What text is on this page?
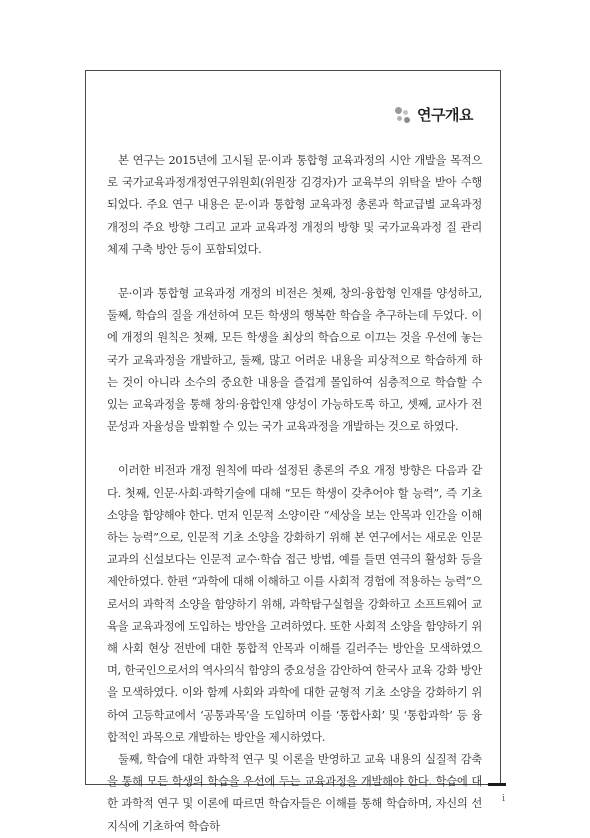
연구개요

본 연구는 2015년에 고시될 문·이과 통합형 교육과정의 시안 개발을 목적으로 국가교육과정개정연구위원회(위원장 김경자)가 교육부의 위탁을 받아 수행되었다. 주요 연구 내용은 문·이과 통합형 교육과정 총론과 학교급별 교육과정 개정의 주요 방향 그리고 교과 교육과정 개정의 방향 및 국가교육과정 질 관리 체제 구축 방안 등이 포함되었다.

문·이과 통합형 교육과정 개정의 비전은 첫째, 창의·융합형 인재를 양성하고, 둘째, 학습의 질을 개선하여 모든 학생의 행복한 학습을 추구하는데 두었다. 이에 개정의 원칙은 첫째, 모든 학생을 최상의 학습으로 이끄는 것을 우선에 놓는 국가 교육과정을 개발하고, 둘째, 많고 어려운 내용을 피상적으로 학습하게 하는 것이 아니라 소수의 중요한 내용을 즐겁게 몰입하여 심층적으로 학습할 수 있는 교육과정을 통해 창의·융합인재 양성이 가능하도록 하고, 셋째, 교사가 전문성과 자율성을 발휘할 수 있는 국가 교육과정을 개발하는 것으로 하였다.

이러한 비전과 개정 원칙에 따라 설정된 총론의 주요 개정 방향은 다음과 같다. 첫째, 인문·사회·과학기술에 대해 “모든 학생이 갖추어야 할 능력”, 즉 기초 소양을 함양해야 한다. 먼저 인문적 소양이란 “세상을 보는 안목과 인간을 이해하는 능력”으로, 인문적 기초 소양을 강화하기 위해 본 연구에서는 새로운 인문 교과의 신설보다는 인문적 교수·학습 접근 방법, 예를 들면 연극의 활성화 등을 제안하였다. 한편 “과학에 대해 이해하고 이를 사회적 경험에 적용하는 능력”으로서의 과학적 소양을 함양하기 위해, 과학탐구실험을 강화하고 소프트웨어 교육을 교육과정에 도입하는 방안을 고려하였다. 또한 사회적 소양을 함양하기 위해 사회 현상 전반에 대한 통합적 안목과 이해를 길러주는 방안을 모색하였으며, 한국인으로서의 역사의식 함양의 중요성을 감안하여 한국사 교육 강화 방안을 모색하였다. 이와 함께 사회와 과학에 대한 균형적 기초 소양을 강화하기 위하여 고등학교에서 ‘공통과목’을 도입하며 이를 ‘통합사회’ 및 ‘통합과학’ 등 융합적인 과목으로 개발하는 방안을 제시하였다.

둘째, 학습에 대한 과학적 연구 및 이론을 반영하고 교육 내용의 실질적 감축을 통해 모든 학생의 학습을 우선에 두는 교육과정을 개발해야 한다. 학습에 대한 과학적 연구 및 이론에 따르면 학습자들은 이해를 통해 학습하며, 자신의 선지식에 기초하여 학습하

i
